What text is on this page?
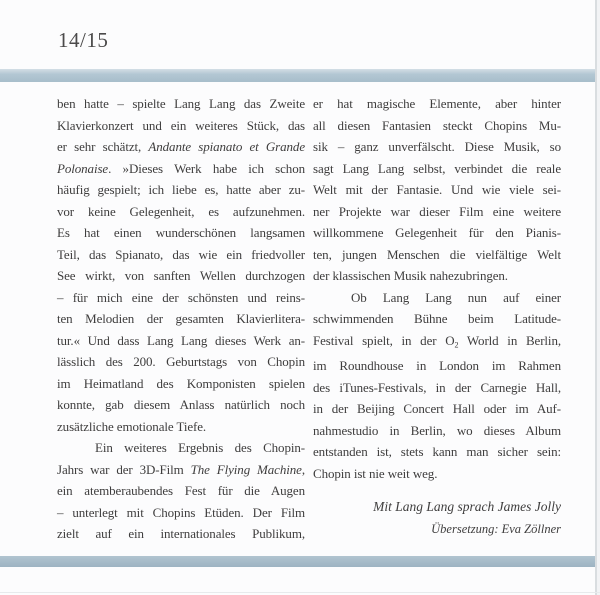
14/15
ben hatte – spielte Lang Lang das Zweite
Klavierkonzert und ein weiteres Stück, das
er sehr schätzt, Andante spianato et Grande
Polonaise. »Dieses Werk habe ich schon
häufig gespielt; ich liebe es, hatte aber zu-
vor keine Gelegenheit, es aufzunehmen.
Es hat einen wunderschönen langsamen
Teil, das Spianato, das wie ein friedvoller
See wirkt, von sanften Wellen durchzogen
– für mich eine der schönsten und reins-
ten Melodien der gesamten Klavierlitera-
tur.« Und dass Lang Lang dieses Werk an-
lässlich des 200. Geburtstags von Chopin
im Heimatland des Komponisten spielen
konnte, gab diesem Anlass natürlich noch
zusätzliche emotionale Tiefe.
Ein weiteres Ergebnis des Chopin-
Jahrs war der 3D-Film The Flying Machine,
ein atemberaubendes Fest für die Augen
– unterlegt mit Chopins Etüden. Der Film
zielt auf ein internationales Publikum,
er hat magische Elemente, aber hinter
all diesen Fantasien steckt Chopins Mu-
sik – ganz unverfälscht. Diese Musik, so
sagt Lang Lang selbst, verbindet die reale
Welt mit der Fantasie. Und wie viele sei-
ner Projekte war dieser Film eine weitere
willkommene Gelegenheit für den Pianis-
ten, jungen Menschen die vielfältige Welt
der klassischen Musik nahezubringen.
Ob Lang Lang nun auf einer
schwimmenden Bühne beim Latitude-
Festival spielt, in der $O_2$ World in Berlin,
im Roundhouse in London im Rahmen
des iTunes-Festivals, in der Carnegie Hall,
in der Beijing Concert Hall oder im Auf-
nahmestudio in Berlin, wo dieses Album
entstanden ist, stets kann man sicher sein:
Chopin ist nie weit weg.
Mit Lang Lang sprach James Jolly
Übersetzung: Eva Zöllner
